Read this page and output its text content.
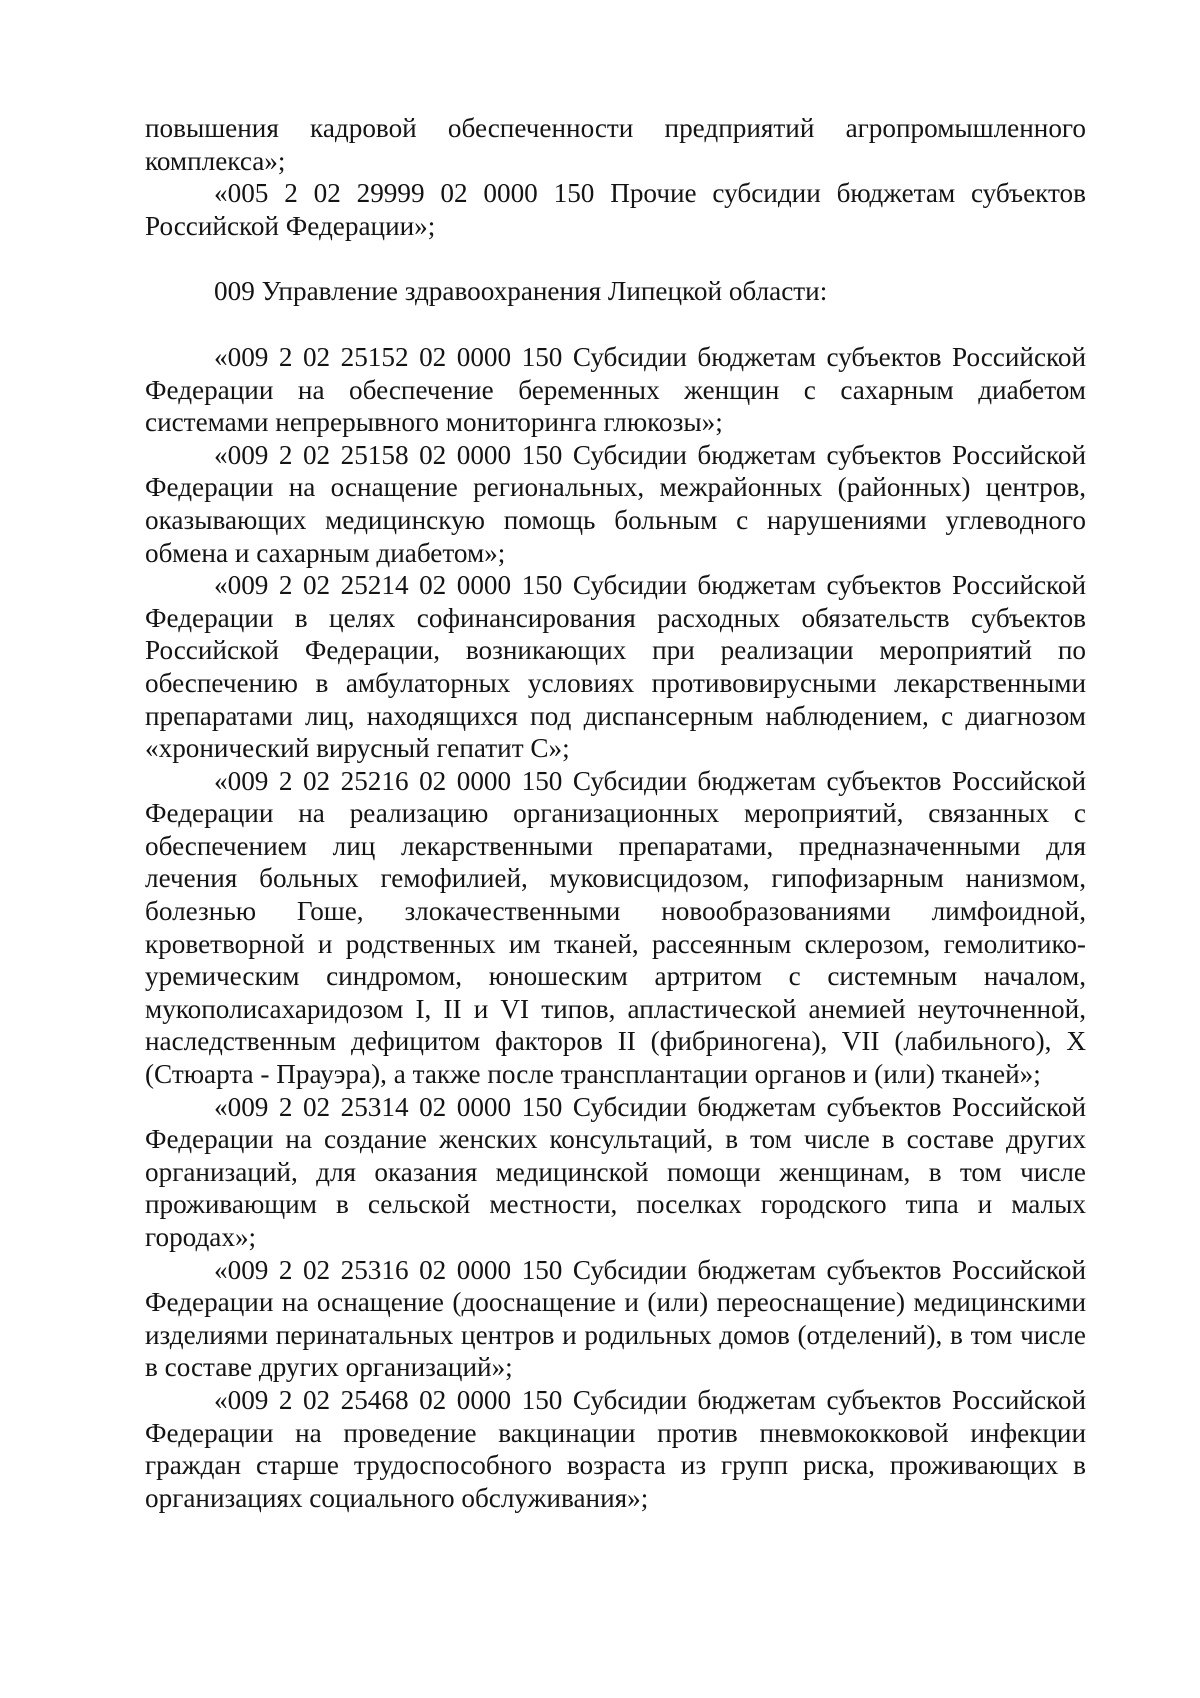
повышения кадровой обеспеченности предприятий агропромышленного комплекса»;

«005 2 02 29999 02 0000 150 Прочие субсидии бюджетам субъектов Российской Федерации»;

009 Управление здравоохранения Липецкой области:

«009 2 02 25152 02 0000 150 Субсидии бюджетам субъектов Российской Федерации на обеспечение беременных женщин с сахарным диабетом системами непрерывного мониторинга глюкозы»;

«009 2 02 25158 02 0000 150 Субсидии бюджетам субъектов Российской Федерации на оснащение региональных, межрайонных (районных) центров, оказывающих медицинскую помощь больным с нарушениями углеводного обмена и сахарным диабетом»;

«009 2 02 25214 02 0000 150 Субсидии бюджетам субъектов Российской Федерации в целях софинансирования расходных обязательств субъектов Российской Федерации, возникающих при реализации мероприятий по обеспечению в амбулаторных условиях противовирусными лекарственными препаратами лиц, находящихся под диспансерным наблюдением, с диагнозом «хронический вирусный гепатит С»;

«009 2 02 25216 02 0000 150 Субсидии бюджетам субъектов Российской Федерации на реализацию организационных мероприятий, связанных с обеспечением лиц лекарственными препаратами, предназначенными для лечения больных гемофилией, муковисцидозом, гипофизарным нанизмом, болезнью Гоше, злокачественными новообразованиями лимфоидной, кроветворной и родственных им тканей, рассеянным склерозом, гемолитико-уремическим синдромом, юношеским артритом с системным началом, мукополисахаридозом I, II и VI типов, апластической анемией неуточненной, наследственным дефицитом факторов II (фибриногена), VII (лабильного), X (Стюарта - Прауэра), а также после трансплантации органов и (или) тканей»;

«009 2 02 25314 02 0000 150 Субсидии бюджетам субъектов Российской Федерации на создание женских консультаций, в том числе в составе других организаций, для оказания медицинской помощи женщинам, в том числе проживающим в сельской местности, поселках городского типа и малых городах»;

«009 2 02 25316 02 0000 150 Субсидии бюджетам субъектов Российской Федерации на оснащение (дооснащение и (или) переоснащение) медицинскими изделиями перинатальных центров и родильных домов (отделений), в том числе в составе других организаций»;

«009 2 02 25468 02 0000 150 Субсидии бюджетам субъектов Российской Федерации на проведение вакцинации против пневмококковой инфекции граждан старше трудоспособного возраста из групп риска, проживающих в организациях социального обслуживания»;
